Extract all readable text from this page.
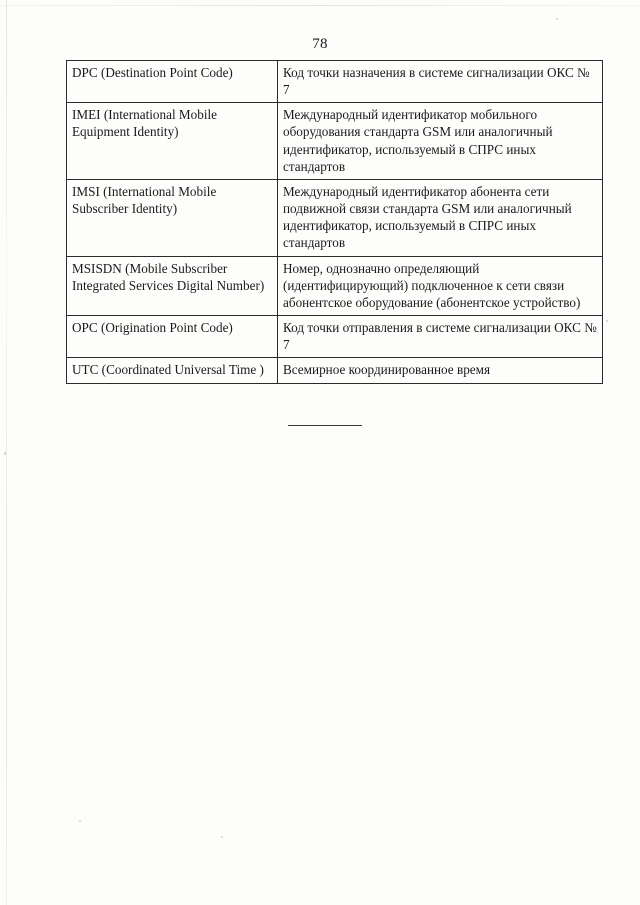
78
DPC (Destination Point Code)	Код точки назначения в системе сигнализации ОКС № 7
IMEI (International Mobile Equipment Identity)	Международный идентификатор мобильного оборудования стандарта GSM или аналогичный идентификатор, используемый в СПРС иных стандартов
IMSI (International Mobile Subscriber Identity)	Международный идентификатор абонента сети подвижной связи стандарта GSM или аналогичный идентификатор, используемый в СПРС иных стандартов
MSISDN (Mobile Subscriber Integrated Services Digital Number)	Номер, однозначно определяющий (идентифицирующий) подключенное к сети связи абонентское оборудование (абонентское устройство)
OPC (Origination Point Code)	Код точки отправления в системе сигнализации ОКС № 7
UTC (Coordinated Universal Time )	Всемирное координированное время
